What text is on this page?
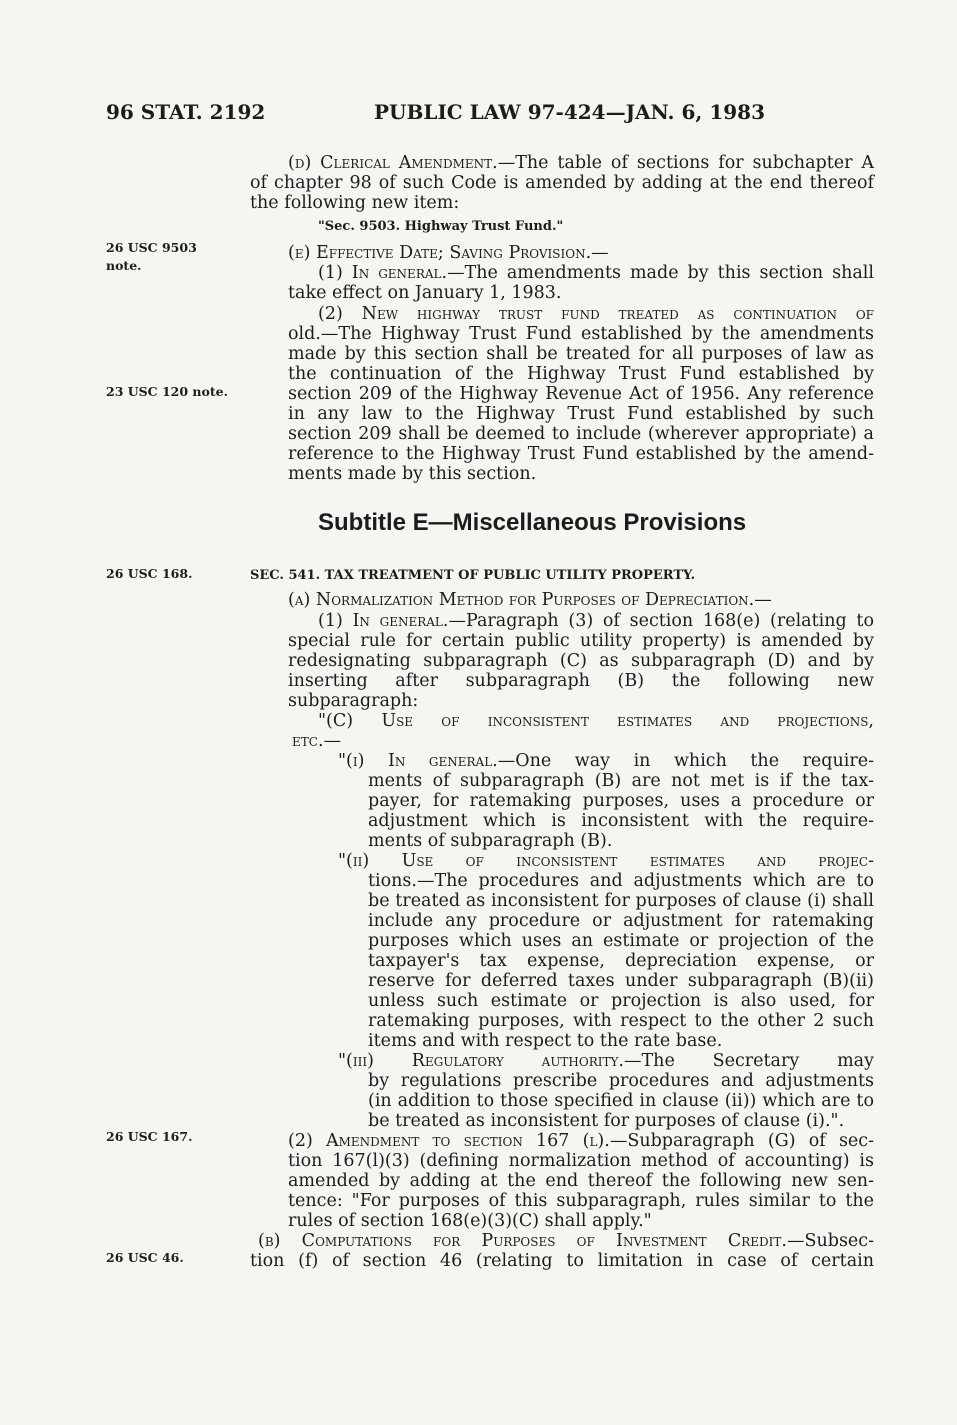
96 STAT. 2192	PUBLIC LAW 97-424—JAN. 6, 1983
26 USC 9503
note.
23 USC 120 note.
26 USC 168.
26 USC 167.
26 USC 46.
(d) Clerical Amendment.—The table of sections for subchapter A
of chapter 98 of such Code is amended by adding at the end thereof
the following new item:
"Sec. 9503. Highway Trust Fund."
(e) Effective Date; Saving Provision.—
(1) In general.—The amendments made by this section shall
take effect on January 1, 1983.
(2) New highway trust fund treated as continuation of
old.—The Highway Trust Fund established by the amendments
made by this section shall be treated for all purposes of law as
the continuation of the Highway Trust Fund established by
section 209 of the Highway Revenue Act of 1956. Any reference
in any law to the Highway Trust Fund established by such
section 209 shall be deemed to include (wherever appropriate) a
reference to the Highway Trust Fund established by the amend-
ments made by this section.
Subtitle E—Miscellaneous Provisions
SEC. 541. TAX TREATMENT OF PUBLIC UTILITY PROPERTY.
(a) Normalization Method for Purposes of Depreciation.—
(1) In general.—Paragraph (3) of section 168(e) (relating to
special rule for certain public utility property) is amended by
redesignating subparagraph (C) as subparagraph (D) and by
inserting after subparagraph (B) the following new
subparagraph:
"(C) Use of inconsistent estimates and projections,
etc.—
"(i) In general.—One way in which the require-
ments of subparagraph (B) are not met is if the tax-
payer, for ratemaking purposes, uses a procedure or
adjustment which is inconsistent with the require-
ments of subparagraph (B).
"(ii) Use of inconsistent estimates and projec-
tions.—The procedures and adjustments which are to
be treated as inconsistent for purposes of clause (i) shall
include any procedure or adjustment for ratemaking
purposes which uses an estimate or projection of the
taxpayer's tax expense, depreciation expense, or
reserve for deferred taxes under subparagraph (B)(ii)
unless such estimate or projection is also used, for
ratemaking purposes, with respect to the other 2 such
items and with respect to the rate base.
"(iii) Regulatory authority.—The Secretary may
by regulations prescribe procedures and adjustments
(in addition to those specified in clause (ii)) which are to
be treated as inconsistent for purposes of clause (i).".
(2) Amendment to section 167 (l).—Subparagraph (G) of sec-
tion 167(l)(3) (defining normalization method of accounting) is
amended by adding at the end thereof the following new sen-
tence: "For purposes of this subparagraph, rules similar to the
rules of section 168(e)(3)(C) shall apply."
(b) Computations for Purposes of Investment Credit.—Subsec-
tion (f) of section 46 (relating to limitation in case of certain
